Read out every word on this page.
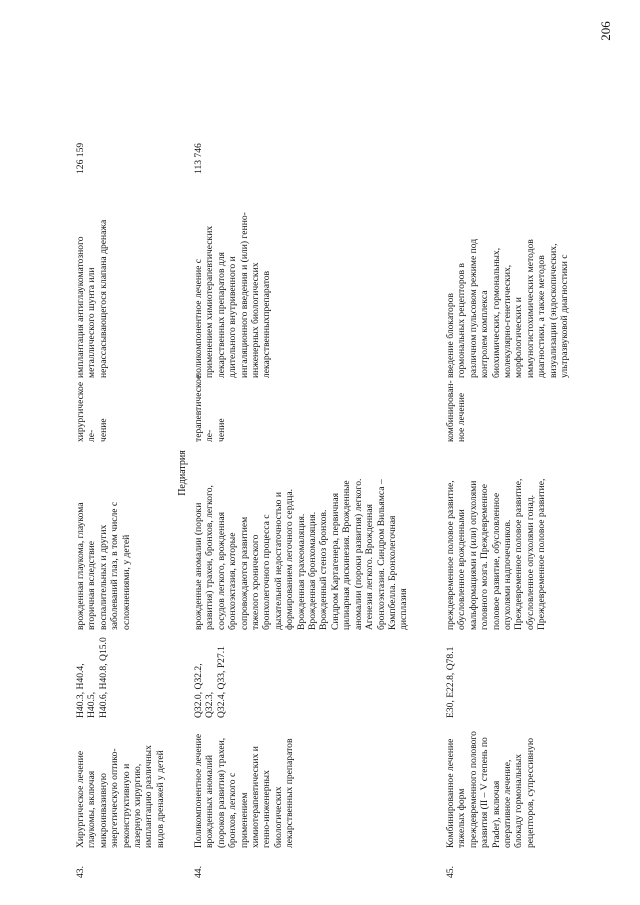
206
43.
Хирургическое лечение
глаукомы, включая
микроинвазивную
энергетическую оптико-
реконструктивную и
лазерную хирургию,
имплантацию различных
видов дренажей у детей
H40.3, H40.4, H40.5,
H40.6, H40.8, Q15.0
врожденная глаукома, глаукома
вторичная вследствие
воспалительных и других
заболеваний глаз, в том числе с
осложнениями, у детей
хирургическое ле-
чение
имплантация антиглаукоматозного
металлического шунта или
нерассасывающегося клапана дренажа
126 159
Педиатрия
44.
Поликомпонентное лечение
врожденных аномалий
(пороков развития) трахеи,
бронхов, легкого с
применением
химиотерапевтических и
генно-инженерных
биологических
лекарственных препаратов
Q32.0, Q32.2, Q32.3,
Q32.4, Q33, P27.1
врожденные аномалии (пороки
развития) трахеи, бронхов, легкого,
сосудов легкого, врожденная
бронхоэктазия, которые
сопровождаются развитием
тяжелого хронического
бронхолегочного процесса с
дыхательной недостаточностью и
формированием легочного сердца.
Врожденная трахеомаляция.
Врожденная бронхомаляция.
Врожденный стеноз бронхов.
Синдром Картагенера, первичная
цилиарная дискинезия. Врожденные
аномалии (пороки развития) легкого.
Агенезия легкого. Врожденная
бронхоэктазия. Синдром Вильямса –
Кэмпбелла. Бронхолегочная
дисплазия
терапевтическое ле-
чение
поликомпонентное лечение с
применением химиотерапевтических
лекарственных препаратов для
длительного внутривенного и
ингаляционного введения и (или) генно-
инженерных биологических
лекарственныхпрепаратов
113 746
45.
Комбинированное лечение
тяжелых форм
преждевременного полового
развития (II – V степень по
Prader), включая
оперативное лечение,
блокаду гормональных
рецепторов, супрессивную
E30, E22.8, Q78.1
преждевременное половое развитие,
обусловленное врожденными
мальформациями и (или) опухолями
головного мозга. Преждевременное
половое развитие, обусловленное
опухолями надпочечников.
Преждевременное половое развитие,
обусловленное опухолями гонад.
Преждевременное половое развитие,
комбинирован-
ное лечение
введение блокаторов
гормональных рецепторов в
различном пульсовом режиме под
контролем комплекса
биохимических, гормональных,
молекулярно-генетических,
морфологических и
иммуногистохимических методов
диагностики, а также методов
визуализации (эндоскопических,
ультразвуковой диагностики с
